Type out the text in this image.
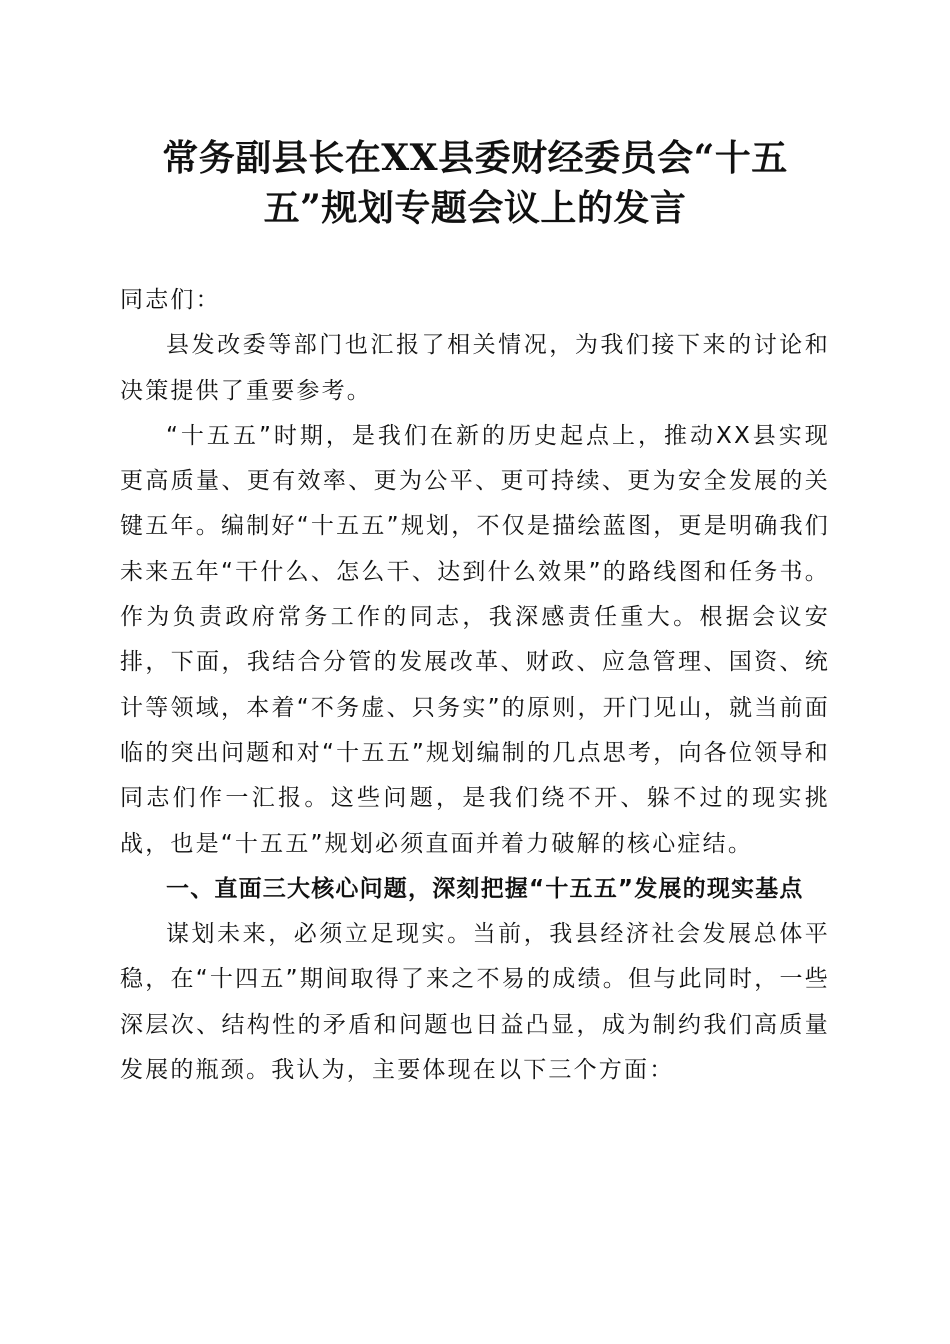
常务副县长在XX县委财经委员会“十五
五”规划专题会议上的发言

同志们：

县发改委等部门也汇报了相关情况，为我们接下来的讨论和决策提供了重要参考。

“十五五”时期，是我们在新的历史起点上，推动XX县实现更高质量、更有效率、更为公平、更可持续、更为安全发展的关键五年。编制好“十五五”规划，不仅是描绘蓝图，更是明确我们未来五年“干什么、怎么干、达到什么效果”的路线图和任务书。作为负责政府常务工作的同志，我深感责任重大。根据会议安排，下面，我结合分管的发展改革、财政、应急管理、国资、统计等领域，本着“不务虚、只务实”的原则，开门见山，就当前面临的突出问题和对“十五五”规划编制的几点思考，向各位领导和同志们作一汇报。这些问题，是我们绕不开、躲不过的现实挑战，也是“十五五”规划必须直面并着力破解的核心症结。

一、直面三大核心问题，深刻把握“十五五”发展的现实基点

谋划未来，必须立足现实。当前，我县经济社会发展总体平稳，在“十四五”期间取得了来之不易的成绩。但与此同时，一些深层次、结构性的矛盾和问题也日益凸显，成为制约我们高质量发展的瓶颈。我认为，主要体现在以下三个方面：
